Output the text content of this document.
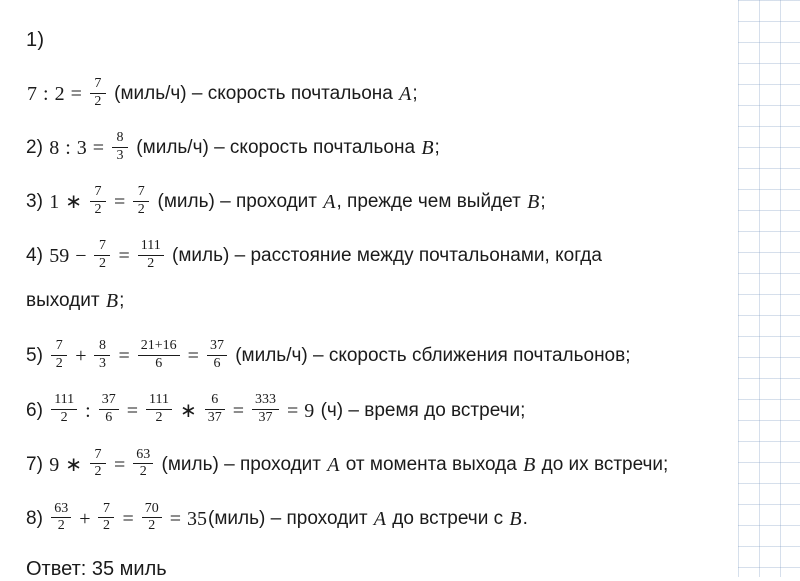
1)
7 : $2 = \frac{7}{2}$ (миль/ч) – скорость почтальона A ;
2) 8 : $3 = \frac{8}{3}$ (миль/ч) – скорость почтальона B ;
3) 1 ∗ $\frac{7}{2} = \frac{7}{2}$ (миль) – проходит A , прежде чем выйдет B ;
4) $59 - \frac{7}{2} = \frac{111}{2}$ (миль) – расстояние между почтальонами, когда
выходит B ;
$5) \frac{7}{2} + \frac{8}{3} = \frac{21+16}{6} = \frac{37}{6}$ (миль/ч) – скорость сближения почтальонов;
$6) \frac{111}{2}$ : $\frac{37}{6} = \frac{111}{2}$ ∗ $\frac{6}{37} = \frac{333}{37} = 9$ (ч) – время до встречи;
7) 9 ∗ $\frac{7}{2} = \frac{63}{2}$ (миль) – проходит A от момента выхода B до их встречи;
$8) \frac{63}{2} + \frac{7}{2} = \frac{70}{2} = 35$ (миль) – проходит A до встречи с B .
Ответ: 35 миль
